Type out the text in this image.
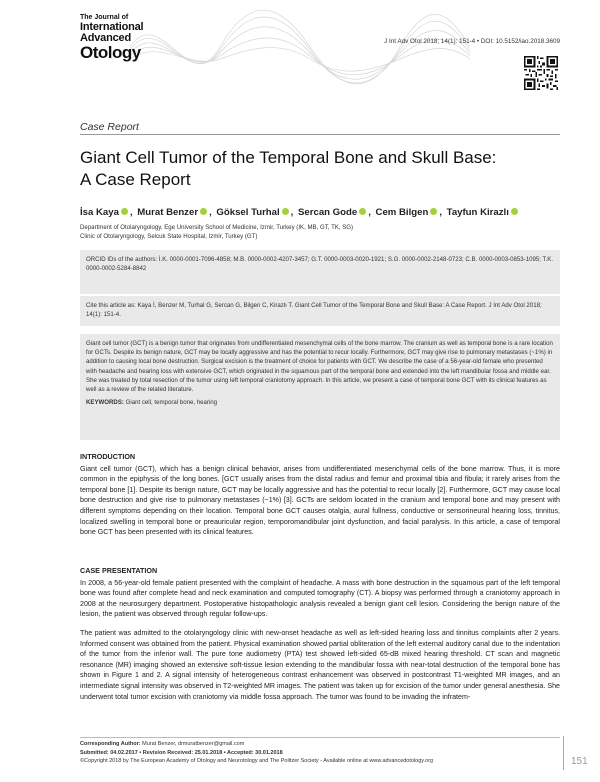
The Journal of
International
Advanced
Otology
J Int Adv Otol 2018; 14(1): 151-4 • DOI: 10.5152/iao.2018.3609
Case Report
Giant Cell Tumor of the Temporal Bone and Skull Base:
A Case Report
İsa Kaya , Murat Benzer , Göksel Turhal , Sercan Gode , Cem Bilgen , Tayfun Kirazlı
Department of Otolaryngology, Ege University School of Medicine, Izmir, Turkey (IK, MB, GT, TK, SG)
Clinic of Otolaryngology, Selcuk State Hospital, Izmir, Turkey (GT)
ORCID IDs of the authors: İ.K. 0000-0001-7096-4858; M.B. 0000-0002-4207-3457; G.T. 0000-0003-0020-1921; S.G. 0000-0002-2148-0723; C.B. 0000-0003-0853-1095; T.K. 0000-0002-5284-8842
Cite this article as: Kaya İ, Benzer M, Turhal G, Sercan G, Bilgen C, Kirazlı T. Giant Cell Tumor of the Temporal Bone and Skull Base: A Case Report. J Int Adv Otol 2018; 14(1): 151-4.

Giant cell tumor (GCT) is a benign tumor that originates from undifferentiated mesenchymal cells of the bone marrow. The cranium as well as temporal bone is a rare location for GCTs. Despite its benign nature, GCT may be locally aggressive and has the potential to recur locally. Furthermore, GCT may give rise to pulmonary metastases (~1%) in addition to causing local bone destruction. Surgical excision is the treatment of choice for patients with GCT. We describe the case of a 56-year-old female who presented with headache and hearing loss with extensive GCT, which originated in the squamous part of the temporal bone and extended into the left mandibular fossa and middle ear. She was treated by total resection of the tumor using left temporal craniotomy approach. In this article, we present a case of temporal bone GCT with its clinical features as well as a review of the related literature.

KEYWORDS: Giant cell, temporal bone, hearing

INTRODUCTION

Giant cell tumor (GCT), which has a benign clinical behavior, arises from undifferentiated mesenchymal cells of the bone marrow. Thus, it is more common in the epiphysis of the long bones. [GCT usually arises from the distal radius and femur and proximal tibia and fibula; it rarely arises from the temporal bone [1]. Despite its benign nature, GCT may be locally aggressive and has the potential to recur locally [2]. Furthermore, GCT may cause local bone destruction and give rise to pulmonary metastases (~1%) [3]. GCTs are seldom located in the cranium and temporal bone and may present with different symptoms depending on their location. Temporal bone GCT causes otalgia, aural fullness, conductive or sensorineural hearing loss, tinnitus, localized swelling in temporal bone or preauricular region, temporomandibular joint dysfunction, and facial paralysis. In this article, a case of temporal bone GCT has been presented with its clinical features.

CASE PRESENTATION

In 2008, a 56-year-old female patient presented with the complaint of headache. A mass with bone destruction in the squamous part of the left temporal bone was found after complete head and neck examination and computed tomography (CT). A biopsy was performed through a craniotomy approach in 2008 at the neurosurgery department. Postoperative histopathologic analysis revealed a benign giant cell lesion. Considering the benign nature of the lesion, the patient was observed through regular follow-ups.

The patient was admitted to the otolaryngology clinic with new-onset headache as well as left-sided hearing loss and tinnitus complaints after 2 years. Informed consent was obtained from the patient. Physical examination showed partial obliteration of the left external auditory canal due to the indentation of the tumor from the inferior wall. The pure tone audiometry (PTA) test showed left-sided 65-dB mixed hearing threshold. CT scan and magnetic resonance (MR) imaging showed an extensive soft-tissue lesion extending to the mandibular fossa with near-total destruction of the temporal bone has shown in Figure 1 and 2. A signal intensity of heterogeneous contrast enhancement was observed in postcontrast T1-weighted MR images, and an intermediate signal intensity was observed in T2-weighted MR images. The patient was taken up for excision of the tumor under general anesthesia. She underwent total tumor excision with craniotomy via middle fossa approach. The tumor was found to be invading the infratem-

Corresponding Author: Murat Benzer, drmuratbenzer@gmail.com
Submitted: 04.02.2017 • Revision Received: 25.01.2018 • Accepted: 30.01.2018
©Copyright 2018 by The European Academy of Otology and Neurotology and The Politzer Society - Available online at www.advancedotology.org	151
